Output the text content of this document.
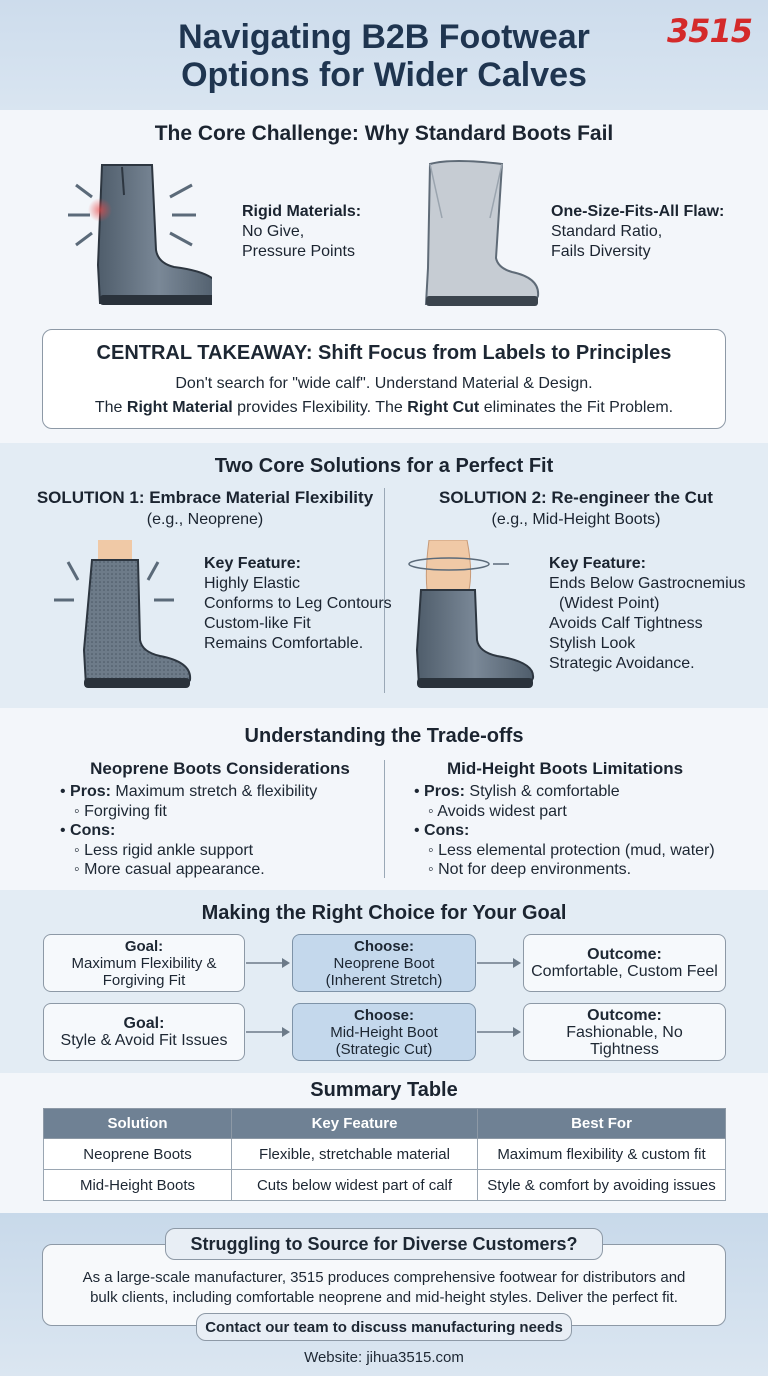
Navigating B2B Footwear
Options for Wider Calves
3515
The Core Challenge: Why Standard Boots Fail
Rigid Materials:
No Give,
Pressure Points
One-Size-Fits-All Flaw:
Standard Ratio,
Fails Diversity
CENTRAL TAKEAWAY: Shift Focus from Labels to Principles
Don't search for "wide calf". Understand Material & Design.
The Right Material provides Flexibility. The Right Cut eliminates the Fit Problem.
Two Core Solutions for a Perfect Fit
SOLUTION 1: Embrace Material Flexibility
(e.g., Neoprene)
Key Feature:
Highly Elastic
Conforms to Leg Contours
Custom-like Fit
Remains Comfortable.
SOLUTION 2: Re-engineer the Cut
(e.g., Mid-Height Boots)
Key Feature:
Ends Below Gastrocnemius
(Widest Point)
Avoids Calf Tightness
Stylish Look
Strategic Avoidance.
Understanding the Trade-offs
Neoprene Boots Considerations
• Pros: Maximum stretch & flexibility
◦ Forgiving fit
• Cons:
◦ Less rigid ankle support
◦ More casual appearance.
Mid-Height Boots Limitations
• Pros: Stylish & comfortable
◦ Avoids widest part
• Cons:
◦ Less elemental protection (mud, water)
◦ Not for deep environments.
Making the Right Choice for Your Goal
Goal:
Maximum Flexibility &
Forgiving Fit
Choose:
Neoprene Boot
(Inherent Stretch)
Outcome:
Comfortable, Custom Feel
Goal:
Style & Avoid Fit Issues
Choose:
Mid-Height Boot
(Strategic Cut)
Outcome:
Fashionable, No Tightness
Summary Table
Solution	Key Feature	Best For
Neoprene Boots	Flexible, stretchable material	Maximum flexibility & custom fit
Mid-Height Boots	Cuts below widest part of calf	Style & comfort by avoiding issues
As a large-scale manufacturer, 3515 produces comprehensive footwear for distributors and
bulk clients, including comfortable neoprene and mid-height styles. Deliver the perfect fit.
Struggling to Source for Diverse Customers?
Contact our team to discuss manufacturing needs
Website: jihua3515.com
